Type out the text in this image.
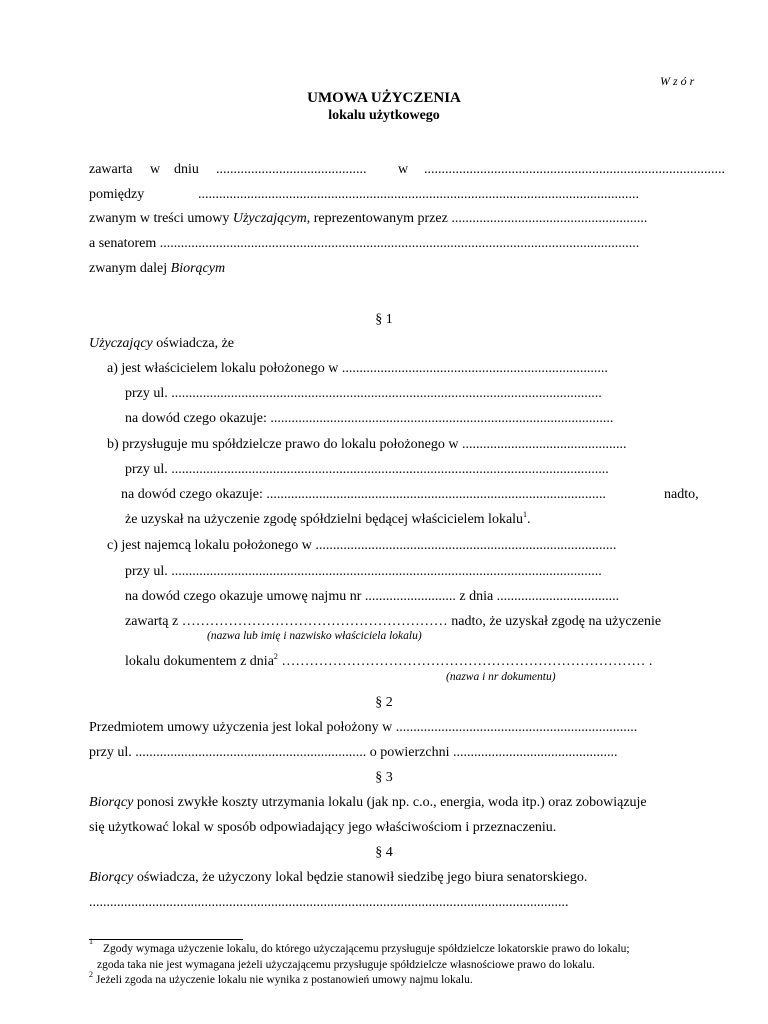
W z ó r
UMOWA UŻYCZENIA
lokalu użytkowego
zawarta w dniu ........................................... w ......................................................................................
pomiędzy	..............................................................................................................................
zwanym w treści umowy Użyczającym, reprezentowanym przez ........................................................
a senatorem .........................................................................................................................................
zwanym dalej Biorącym
§ 1
Użyczający oświadcza, że
a) jest właścicielem lokalu położonego w ............................................................................
przy ul. ...........................................................................................................................
na dowód czego okazuje: ..................................................................................................
b) przysługuje mu spółdzielcze prawo do lokalu położonego w ...............................................
przy ul. .............................................................................................................................
na dowód czego okazuje: .................................................................................................	nadto,
że uzyskał na użyczenie zgodę spółdzielni będącej właścicielem lokalu$^1$.
c) jest najemcą lokalu położonego w ......................................................................................
przy ul. ...........................................................................................................................
na dowód czego okazuje umowę najmu nr .......................... z dnia ...................................
zawartą z ………………………………………………… nadto, że uzyskał zgodę na użyczenie
(nazwa lub imię i nazwisko właściciela lokalu)
lokalu dokumentem z dnia$^2$ …………………………………………………………………… .
(nazwa i nr dokumentu)
§ 2
Przedmiotem umowy użyczenia jest lokal położony w .....................................................................
przy ul. .................................................................. o powierzchni ...............................................
§ 3
Biorący ponosi zwykłe koszty utrzymania lokalu (jak np. c.o., energia, woda itp.) oraz zobowiązuje
się użytkować lokal w sposób odpowiadający jego właściwościom i przeznaczeniu.
§ 4
Biorący oświadcza, że użyczony lokal będzie stanowił siedzibę jego biura senatorskiego.
.........................................................................................................................................
$^1$
Zgody wymaga użyczenie lokalu, do którego użyczającemu przysługuje spółdzielcze lokatorskie prawo do lokalu;
zgoda taka nie jest wymagana jeżeli użyczającemu przysługuje spółdzielcze własnościowe prawo do lokalu.
$^2$ Jeżeli zgoda na użyczenie lokalu nie wynika z postanowień umowy najmu lokalu.
